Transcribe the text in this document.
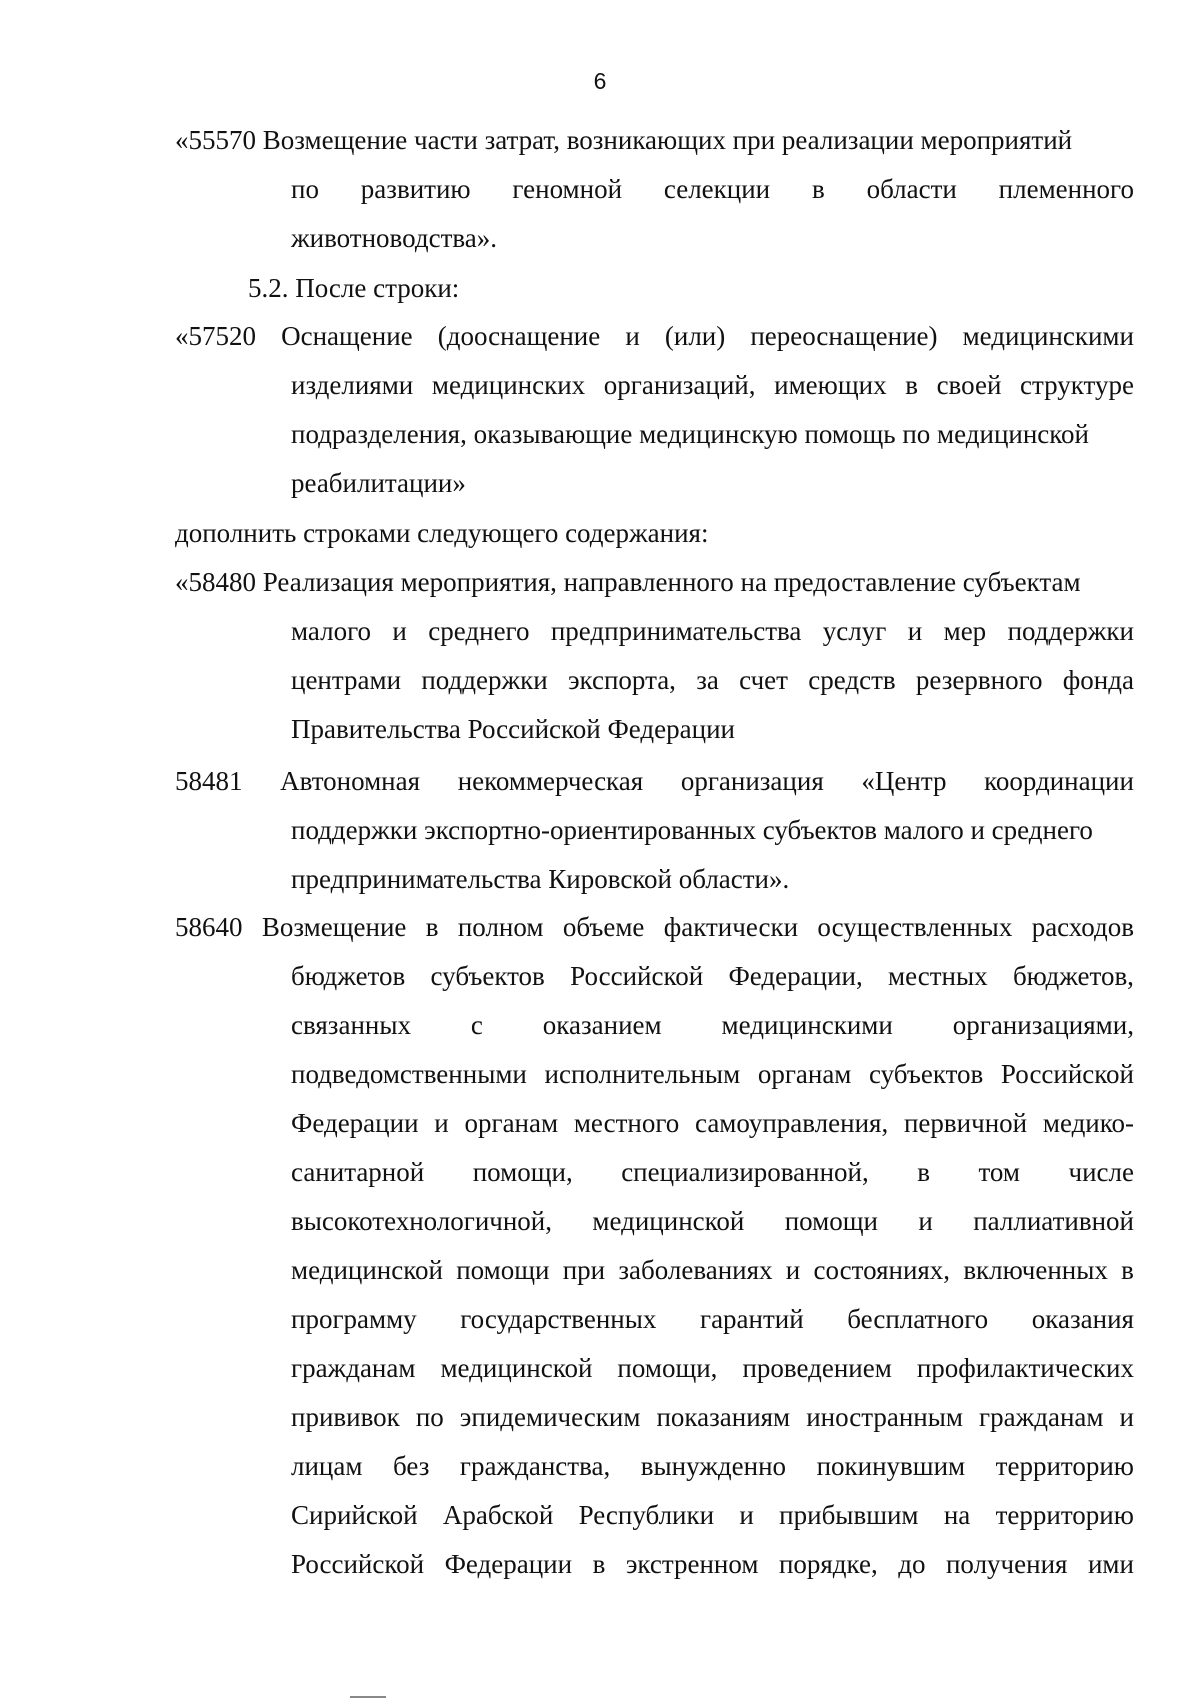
6
«55570 Возмещение части затрат, возникающих при реализации мероприятий
по развитию геномной селекции в области племенного
животноводства».
5.2. После строки:
«57520 Оснащение (дооснащение и (или) переоснащение) медицинскими
изделиями медицинских организаций, имеющих в своей структуре
подразделения, оказывающие медицинскую помощь по медицинской
реабилитации»
дополнить строками следующего содержания:
«58480 Реализация мероприятия, направленного на предоставление субъектам
малого и среднего предпринимательства услуг и мер поддержки
центрами поддержки экспорта, за счет средств резервного фонда
Правительства Российской Федерации
58481 Автономная некоммерческая организация «Центр координации
поддержки экспортно-ориентированных субъектов малого и среднего
предпринимательства Кировской области».
58640 Возмещение в полном объеме фактически осуществленных расходов
бюджетов субъектов Российской Федерации, местных бюджетов,
связанных с оказанием медицинскими организациями,
подведомственными исполнительным органам субъектов Российской
Федерации и органам местного самоуправления, первичной медико-
санитарной помощи, специализированной, в том числе
высокотехнологичной, медицинской помощи и паллиативной
медицинской помощи при заболеваниях и состояниях, включенных в
программу государственных гарантий бесплатного оказания
гражданам медицинской помощи, проведением профилактических
прививок по эпидемическим показаниям иностранным гражданам и
лицам без гражданства, вынужденно покинувшим территорию
Сирийской Арабской Республики и прибывшим на территорию
Российской Федерации в экстренном порядке, до получения ими
